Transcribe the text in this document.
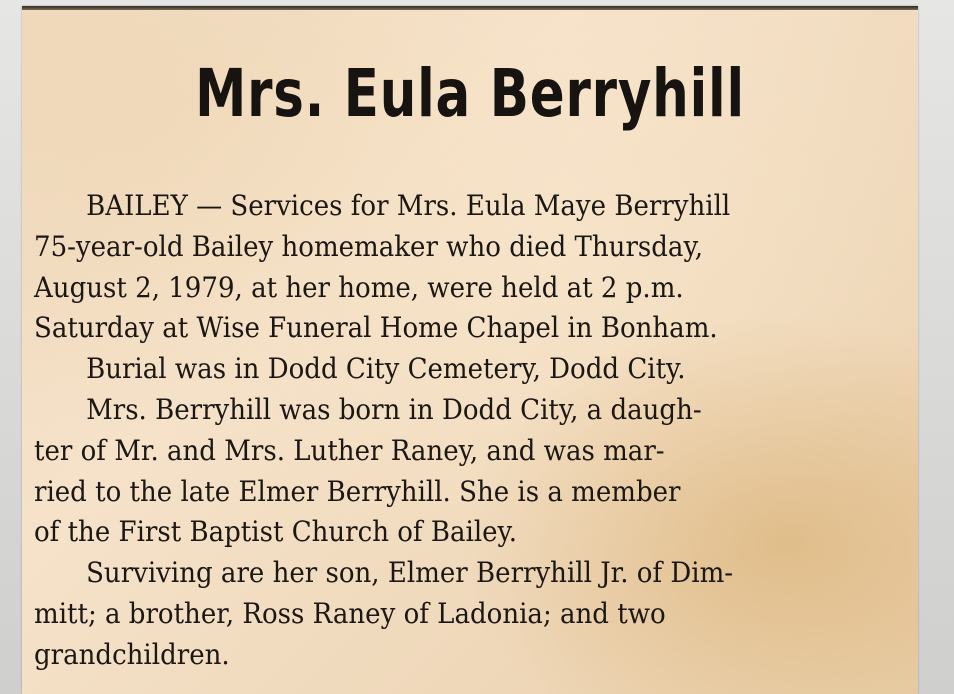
Mrs. Eula Berryhill
BAILEY — Services for Mrs. Eula Maye Berryhill
75-year-old Bailey homemaker who died Thursday,
August 2, 1979, at her home, were held at 2 p.m.
Saturday at Wise Funeral Home Chapel in Bonham.
Burial was in Dodd City Cemetery, Dodd City.
Mrs. Berryhill was born in Dodd City, a daugh-
ter of Mr. and Mrs. Luther Raney, and was mar-
ried to the late Elmer Berryhill. She is a member
of the First Baptist Church of Bailey.
Surviving are her son, Elmer Berryhill Jr. of Dim-
mitt; a brother, Ross Raney of Ladonia; and two
grandchildren.
